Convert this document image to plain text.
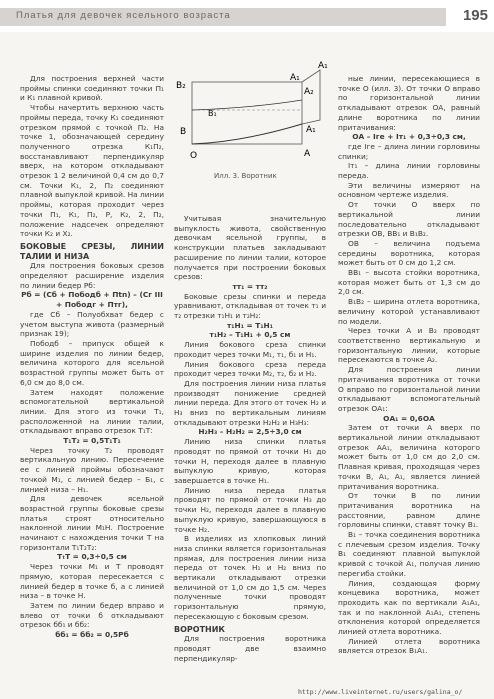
Платья для девочек ясельного возраста	195

Для построения верхней части проймы спинки соединяют точки П₁ и К₁ плавной кривой.

Чтобы начертить верхнюю часть проймы переда, точку К₁ соединяют отрезком прямой с точкой П₂. На точке 1, обозначающей середину полученного отрезка К₁П₂, восстанавливают перпендикуляр вверх, на котором откладывают отрезок 1 2 величиной 0,4 см до 0,7 см. Точки К₁, 2, П₂ соединяют плавной выпуклой кривой. На линии проймы, которая проходит через точки П₁, К₁, П₂, Р, К₂, 2, П₂, положение надсечек определяют точки К₂ и Х₂.

БОКОВЫЕ СРЕЗЫ, ЛИНИИ ТАЛИИ И НИЗА

Для построения боковых срезов определяют расширение изделия по линии бедер Рб:

Рб = (Сб + Пободб + Пtn) – (Сг III + Пободг + Птг),

где Сб – Полуобхват бедер с учетом выступа живота (размерный признак 19);

Пободб – припуск общей к ширине изделия по линии бедер, величина которого для ясельной возрастной группы может быть от 6,0 см до 8,0 см.

Затем находят положение вспомогательной вертикальной линии. Для этого из точки Т₁, расположенной на линии талии, откладывают вправо отрезок Т₁Т:

Т₁Т₂ = 0,5Т₁Т₁

Через точку Т₂ проводят вертикальную линию. Пересечение ее с линией проймы обозначают точкой М₁, с линией бедер – Б₁, с линией низа – Н₁.

Для девочек ясельной возрастной группы боковые срезы платья строят относительно наклонной линии М₁Н. Построение начинают с нахождения точки Т на горизонтали Т₁Т₂Т₂:

ТₜТ = 0,3÷0,5 см

Через точки М₁ и Т проводят прямую, которая пересекается с линией бедер в точке б, а с линией низа – в точке Н.

Затем по линии бедер вправо и влево от точки б откладывают отрезок бб₁ и бб₂:

бб₁ = бб₂ = 0,5Рб

B₂
B₁
B
O
A₁
A₁
A₂
A₁
A
Илл. 3. Воротник

Учитывая значительную выпуклость живота, свойственную девочкам ясельной группы, в конструкции платьев закладывают расширение по линии талии, которое получается при построении боковых срезов:

тт₁ = тт₂

Боковые срезы спинки и переда уравнивают, откладывая от точек т₁ и т₂ отрезки т₁Н₁ и т₂Н₂:

т₁Н₁ = Т₁Н₁

т₁Н₂ – Т₁Н₁ + 0,5 см

Линия бокового среза спинки проходит через точки М₁, т₁, б₁ и Н₁.

Линия бокового среза переда проходит через точки М₂, т₂, б₂ и Н₂.

Для построения линии низа платья производят понижение средней линии переда. Для этого от точек Н₂ и Н₃ вниз по вертикальным линиям откладывают отрезки Н₂Н₂ и Н₃Н₃:

Н₂Н₃ – Н₂Н₂ = 2,5÷3,0 см

Линию низа спинки платья проводят по прямой от точки Н₁ до точки Н, переходя далее в плавную выпуклую кривую, которая завершается в точке Н₁.

Линию низа переда платья проводят по прямой от точки Н₃ до точки Н₂, переходя далее в плавную выпуклую кривую, завершающуюся в точке Н₂.

В изделиях из хлопковых линий низа спинки является горизонтальная прямая, для построения линии низа переда от точек Н₁ и Н₂ вниз по вертикали откладывают отрезки величиной от 1,0 см до 1,5 см. Через полученные точки проводят горизонтальную прямую, пересекающую с боковым срезом.

ВОРОТНИК

Для построения воротника проводят две взаимно перпендикуляр-

ные линии, пересекающиеся в точке О (илл. 3). От точки О вправо по горизонтальной линии откладывают отрезок ОА, равный длине воротника по линии притачивания:

ОА – Іге + Іт₁ + 0,3÷0,3 см,

где Іге – длина линии горловины спинки;

Іт₁ – длина линии горловины переда.

Эти величины измеряют на основном чертеже изделия.

От точки О вверх по вертикальной линии последовательно откладывают отрезки ОВ, ВВ₁ и В₁В₂.

ОВ – величина подъема середины воротника, которая может быть от 0 см до 1,2 см.

ВВ₁ – высота стойки воротника, которая может быть от 1,3 см до 2,0 см.

В₁В₂ – ширина отлета воротника, величину которой устанавливают по модели.

Через точки А и В₂ проводят соответственно вертикальную и горизонтальную линии, которые пересекаются в точке А₂.

Для построения линии притачивания воротника от точки О вправо по горизонтальной линии откладывают вспомогательный отрезок ОА₁:

ОА₁ = 0,6ОА

Затем от точки А вверх по вертикальной линии откладывают отрезок АА₁, величина которого может быть от 1,0 см до 2,0 см. Плавная кривая, проходящая через точки В, А₁, А₁, является линией притачивания воротника.

От точки В по линии притачивания воротника на расстоянии, равном длине горловины спинки, ставят точку В₁.

В₁ – точка соединения воротника с плечевым срезом изделия. Точку В₁ соединяют плавной выпуклой кривой с точкой А₁, получая линию перегиба стойки.

Линия, создающая форму концевика воротника, может проходить как по вертикали А₁А₁, так и по наклонной А₁А₁, степень отклонения которой определяется линией отлета воротника.

Линией отлета воротника является отрезок В₁А₁.

http://www.liveinternet.ru/users/galina_o/
